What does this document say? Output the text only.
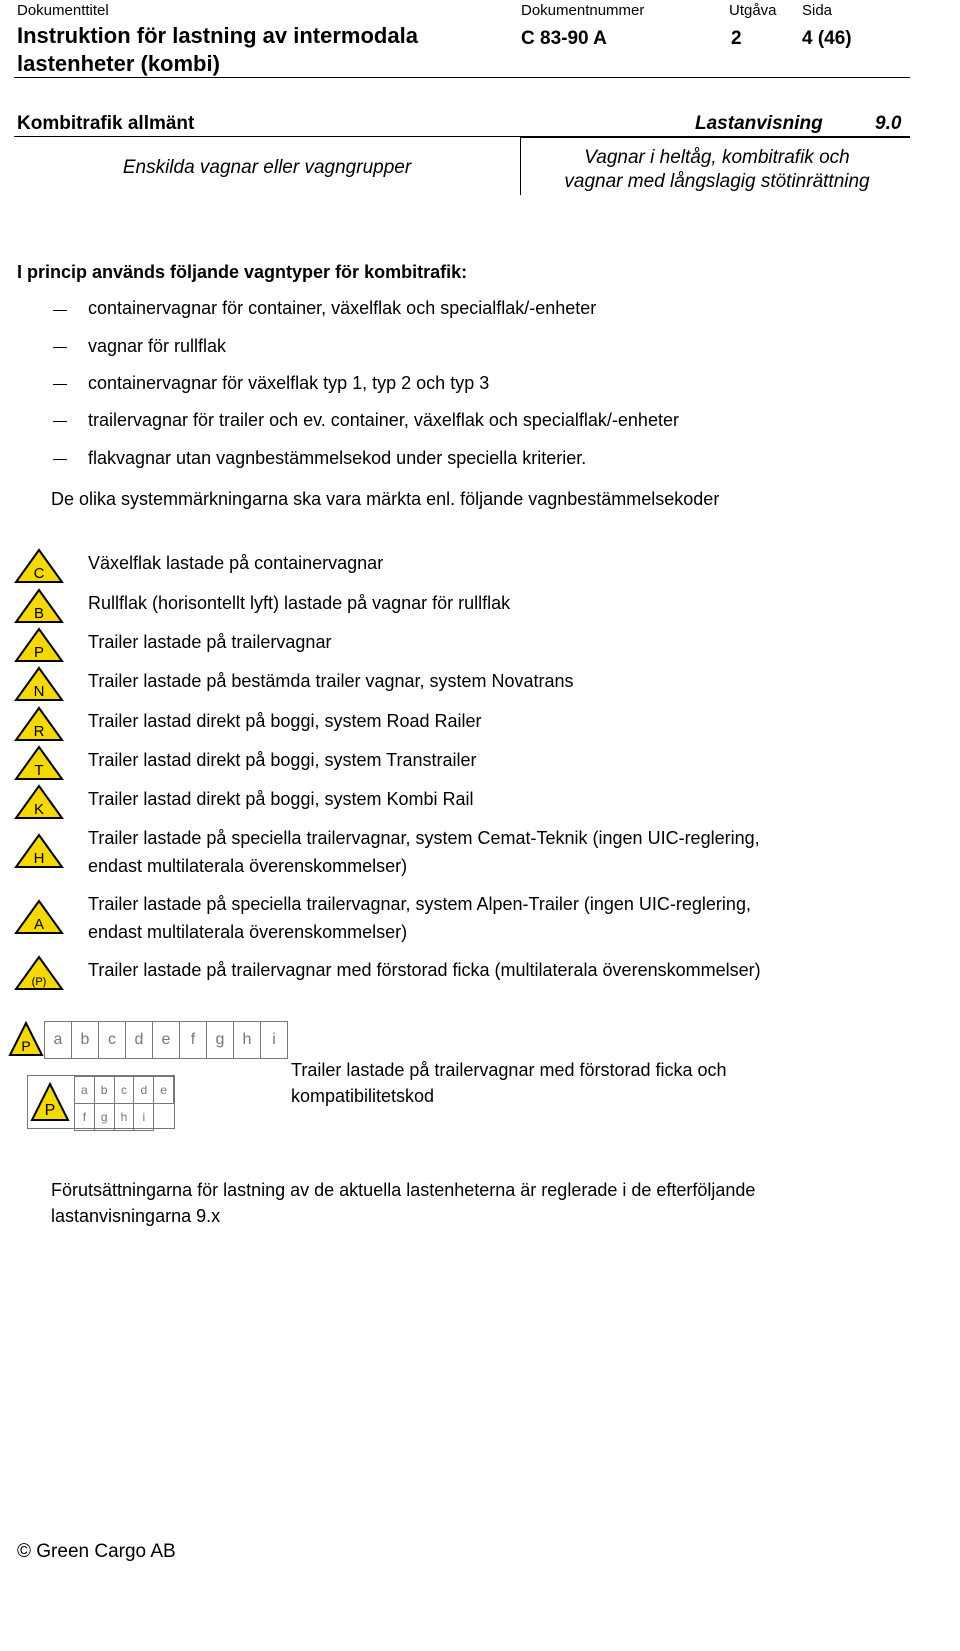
Dokumenttitel	Dokumentnummer	Utgåva Sida
Instruktion för lastning av intermodala
lastenheter (kombi)
C 83-90 A	2	4 (46)
Kombitrafik allmänt	Lastanvisning	9.0
Enskilda vagnar eller vagngrupper	Vagnar i heltåg, kombitrafik och
vagnar med långslagig stötinrättning
I princip används följande vagntyper för kombitrafik:
containervagnar för container, växelflak och specialflak/-enheter
vagnar för rullflak
containervagnar för växelflak typ 1, typ 2 och typ 3
trailervagnar för trailer och ev. container, växelflak och specialflak/-enheter
flakvagnar utan vagnbestämmelsekod under speciella kriterier.
De olika systemmärkningarna ska vara märkta enl. följande vagnbestämmelsekoder
C
Växelflak lastade på containervagnar
B
Rullflak (horisontellt lyft) lastade på vagnar för rullflak
P
Trailer lastade på trailervagnar
N
Trailer lastade på bestämda trailer vagnar, system Novatrans
R
Trailer lastad direkt på boggi, system Road Railer
T
Trailer lastad direkt på boggi, system Transtrailer
K
Trailer lastad direkt på boggi, system Kombi Rail
H
Trailer lastade på speciella trailervagnar, system Cemat-Teknik (ingen UIC-reglering,
endast multilaterala överenskommelser)
A
Trailer lastade på speciella trailervagnar, system Alpen-Trailer (ingen UIC-reglering,
endast multilaterala överenskommelser)
(P)
Trailer lastade på trailervagnar med förstorad ficka (multilaterala överenskommelser)
P a	b	c	d	e	f	g	h	i
P
a	b	c	d	e
f	g	h	i	
Trailer lastade på trailervagnar med förstorad ficka och
kompatibilitetskod
Förutsättningarna för lastning av de aktuella lastenheterna är reglerade i de efterföljande
lastanvisningarna 9.x
© Green Cargo AB
